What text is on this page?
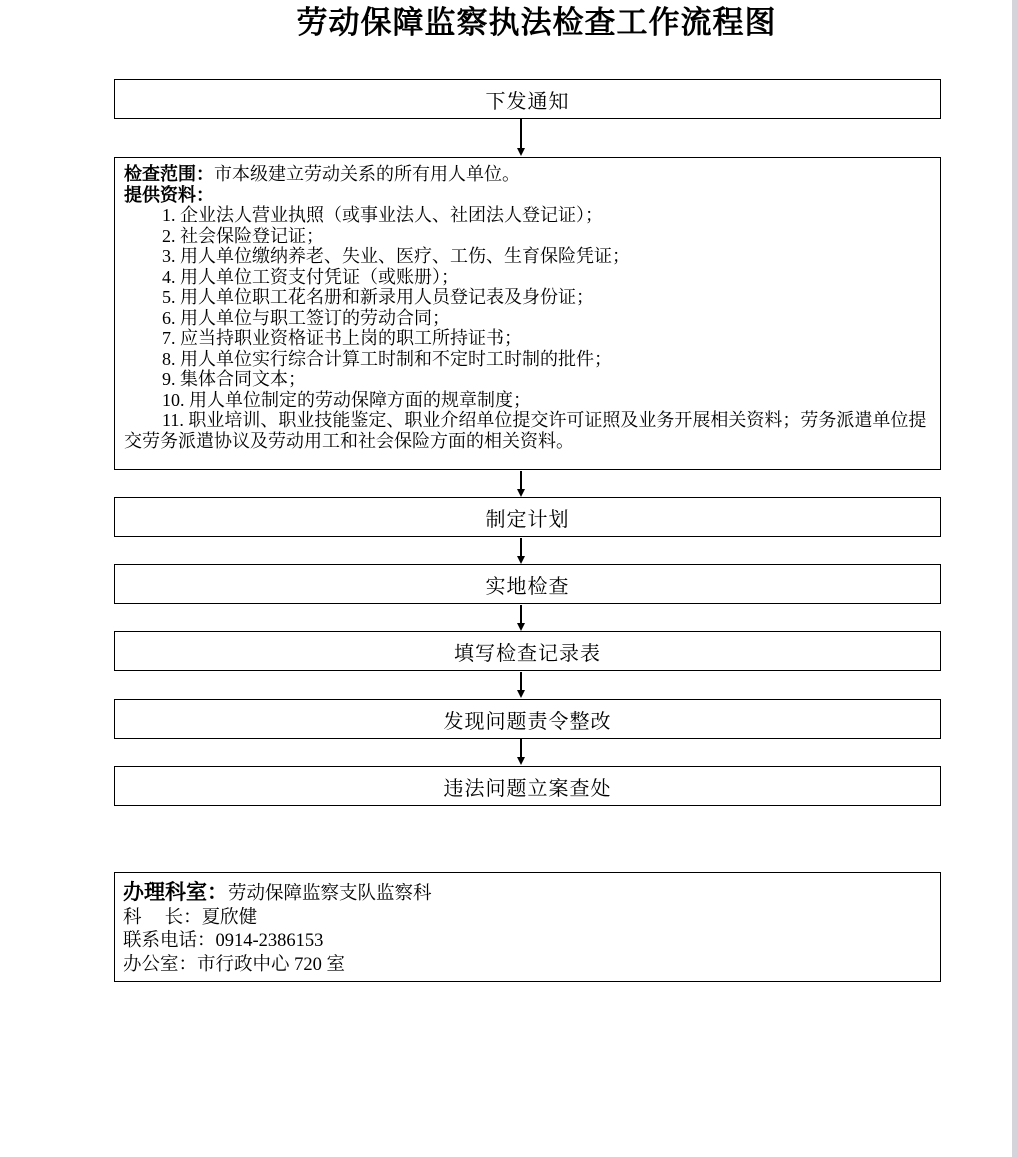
劳动保障监察执法检查工作流程图
下发通知

检查范围：市本级建立劳动关系的所有用人单位。

提供资料：

1. 企业法人营业执照（或事业法人、社团法人登记证）；

2. 社会保险登记证；

3. 用人单位缴纳养老、失业、医疗、工伤、生育保险凭证；

4. 用人单位工资支付凭证（或账册）；

5. 用人单位职工花名册和新录用人员登记表及身份证；

6. 用人单位与职工签订的劳动合同；

7. 应当持职业资格证书上岗的职工所持证书；

8. 用人单位实行综合计算工时制和不定时工时制的批件；

9. 集体合同文本；

10. 用人单位制定的劳动保障方面的规章制度；

11. 职业培训、职业技能鉴定、职业介绍单位提交许可证照及业务开展相关资料；劳务派遣单位提交劳务派遣协议及劳动用工和社会保险方面的相关资料。

制定计划
实地检查
填写检查记录表
发现问题责令整改
违法问题立案查处

办理科室：劳动保障监察支队监察科

科　 长：夏欣健

联系电话：0914-2386153

办公室：市行政中心 720 室
